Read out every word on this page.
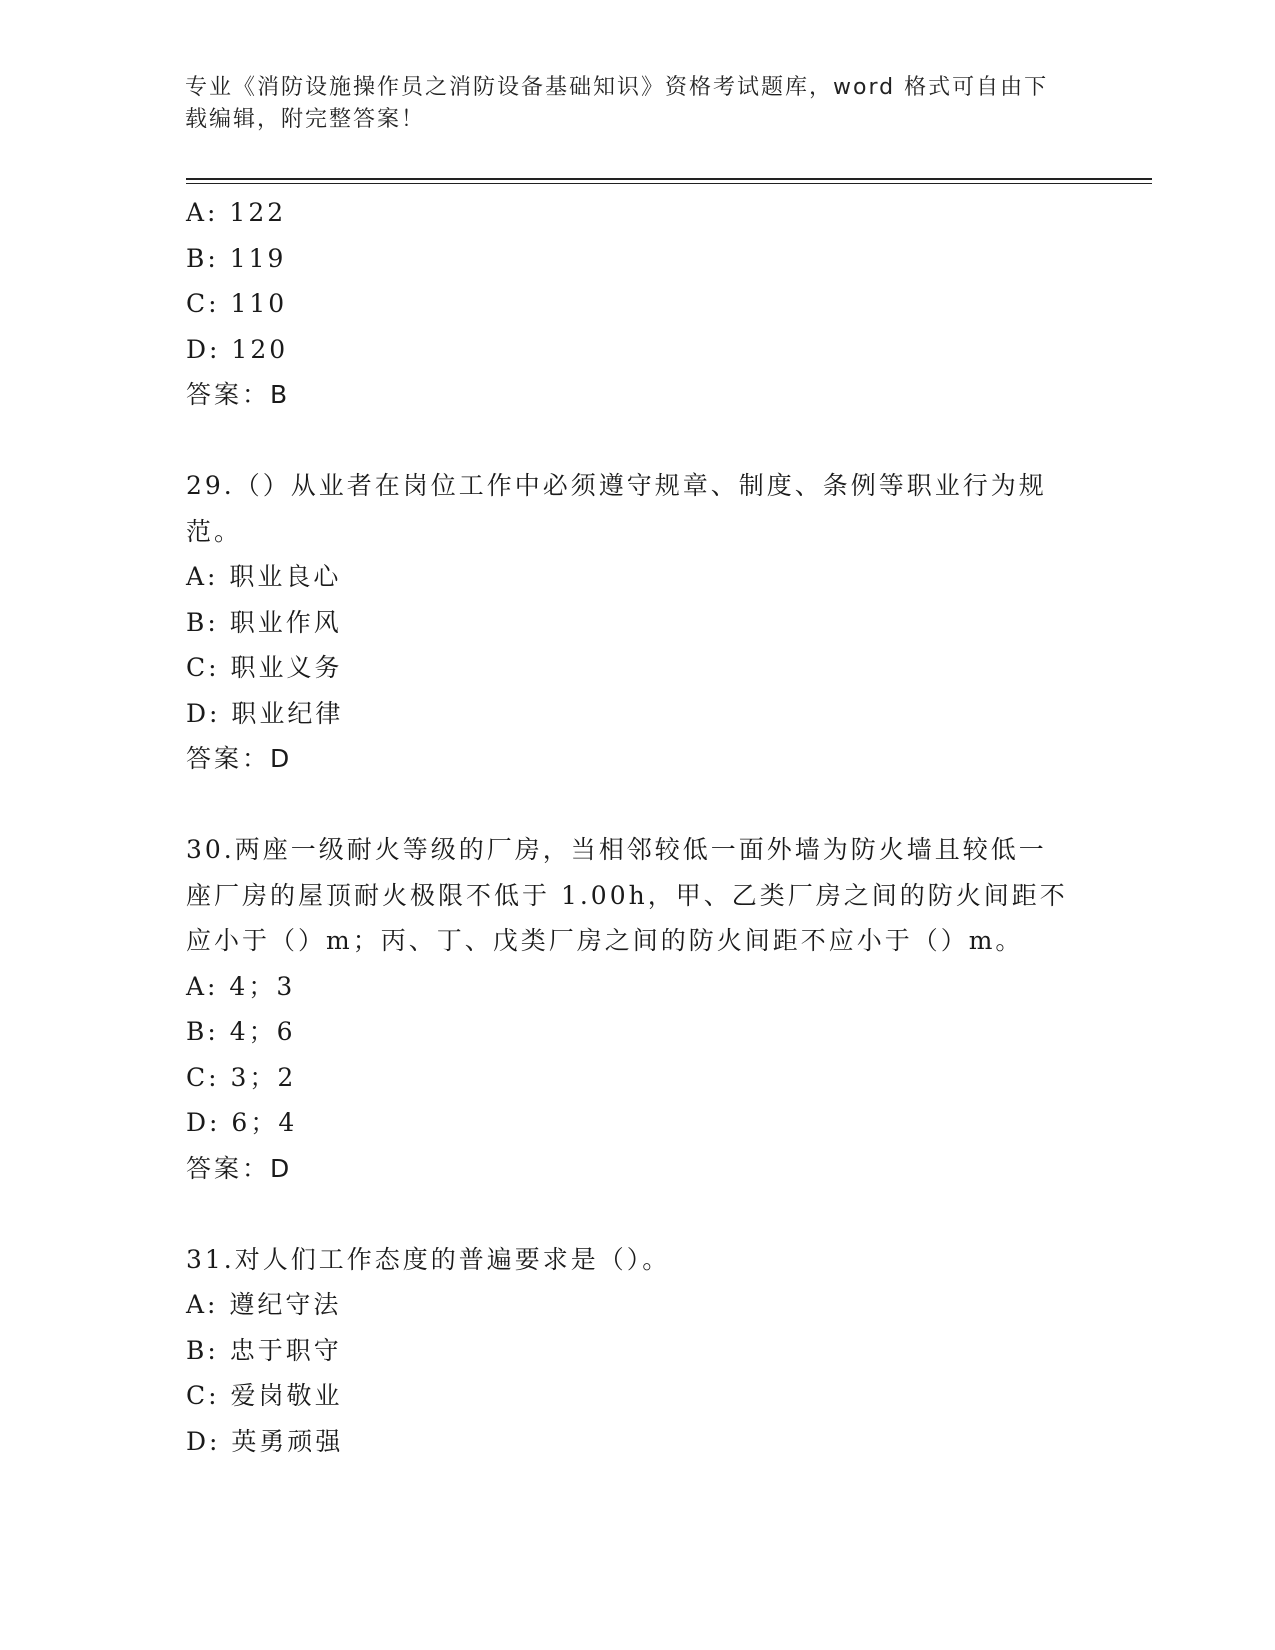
专业《消防设施操作员之消防设备基础知识》资格考试题库，word 格式可自由下
载编辑，附完整答案！
A: 122
B: 119
C: 110
D: 120
答案：B
29.（）从业者在岗位工作中必须遵守规章、制度、条例等职业行为规
范。
A: 职业良心
B: 职业作风
C: 职业义务
D: 职业纪律
答案：D
30.两座一级耐火等级的厂房，当相邻较低一面外墙为防火墙且较低一
座厂房的屋顶耐火极限不低于 1.00h，甲、乙类厂房之间的防火间距不
应小于（）m；丙、丁、戊类厂房之间的防火间距不应小于（）m。
A: 4；3
B: 4；6
C: 3；2
D: 6；4
答案：D
31.对人们工作态度的普遍要求是（）。
A: 遵纪守法
B: 忠于职守
C: 爱岗敬业
D: 英勇顽强
